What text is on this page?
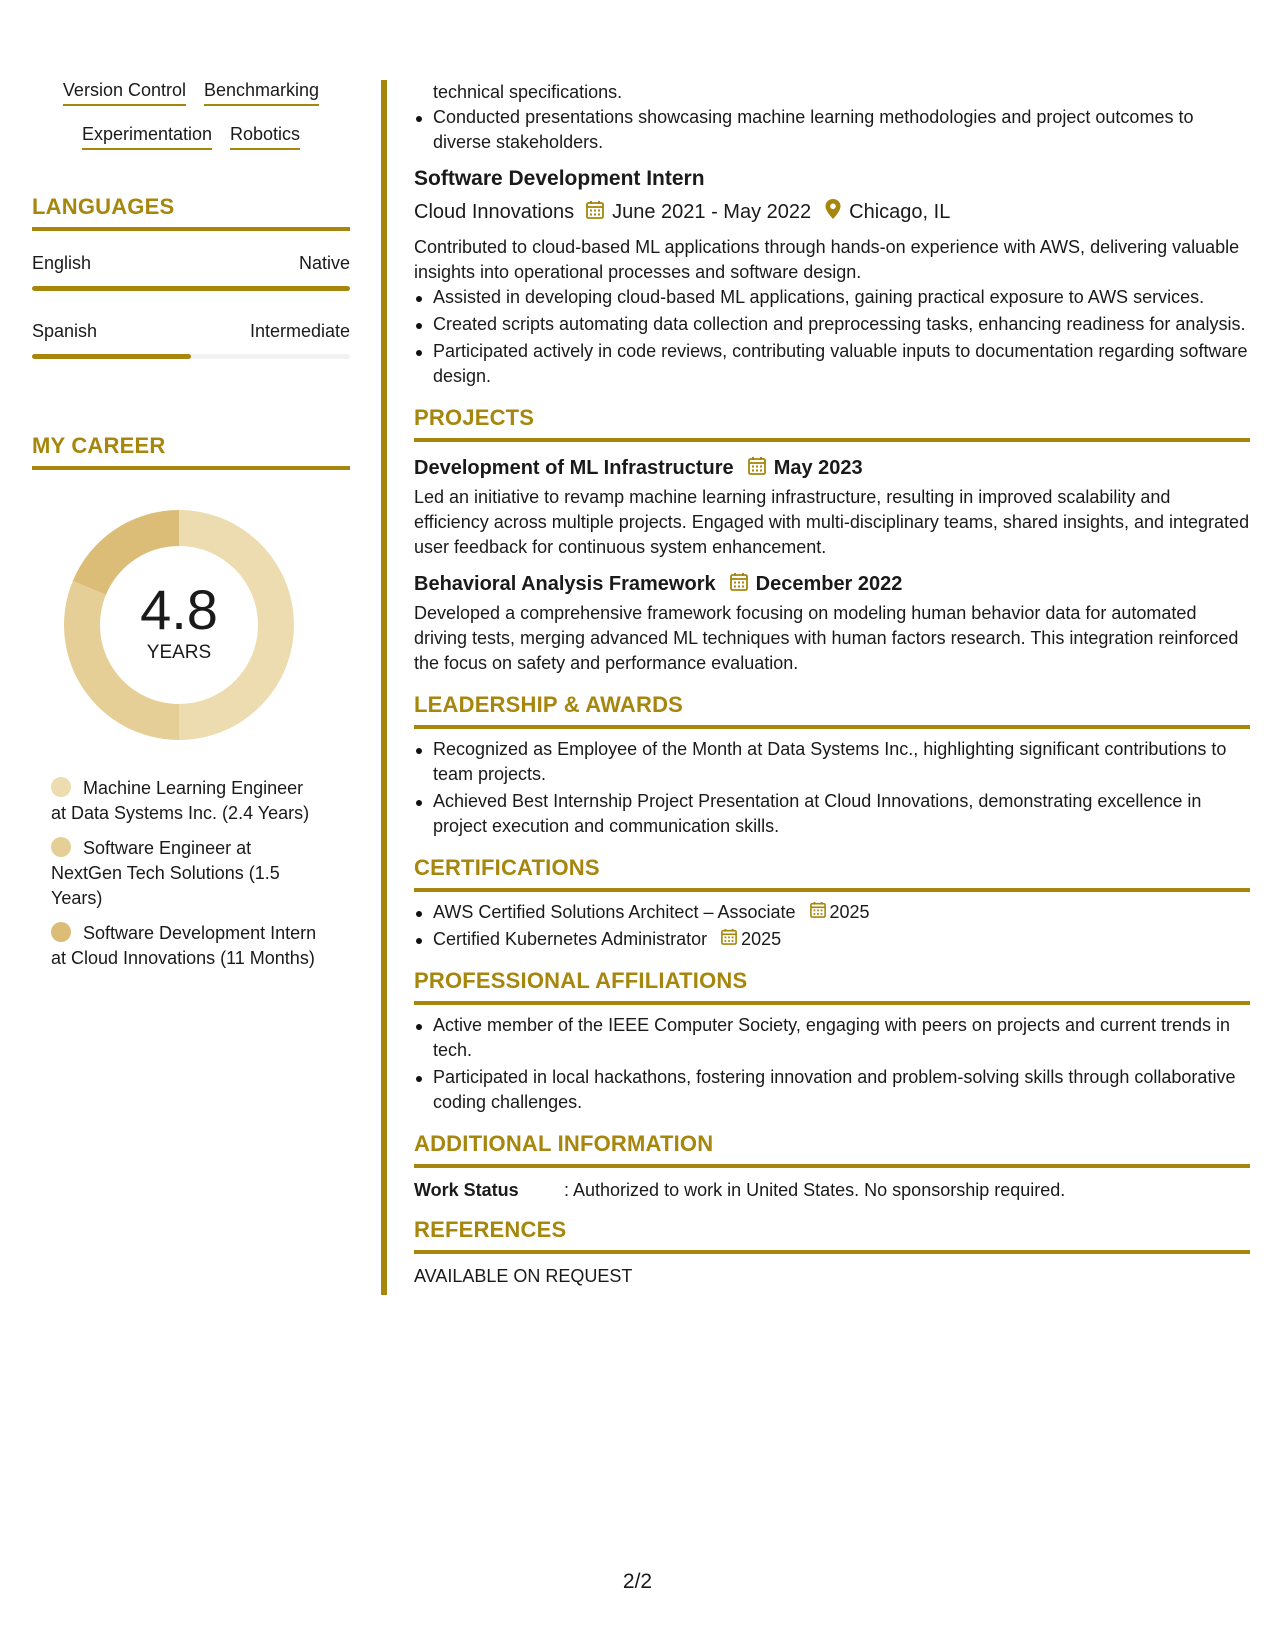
Version Control Benchmarking
Experimentation Robotics
LANGUAGES
English	Native
Spanish	Intermediate
MY CAREER
4.8
YEARS
Machine Learning Engineer at Data Systems Inc. (2.4 Years)
Software Engineer at NextGen Tech Solutions (1.5 Years)
Software Development Intern at Cloud Innovations (11 Months)
technical specifications.
Conducted presentations showcasing machine learning methodologies and project outcomes to diverse stakeholders.
Software Development Intern
Cloud Innovations June 2021 - May 2022 Chicago, IL
Contributed to cloud-based ML applications through hands-on experience with AWS, delivering valuable insights into operational processes and software design.
Assisted in developing cloud-based ML applications, gaining practical exposure to AWS services.
Created scripts automating data collection and preprocessing tasks, enhancing readiness for analysis.
Participated actively in code reviews, contributing valuable inputs to documentation regarding software design.
PROJECTS
Development of ML Infrastructure May 2023
Led an initiative to revamp machine learning infrastructure, resulting in improved scalability and efficiency across multiple projects. Engaged with multi-disciplinary teams, shared insights, and integrated user feedback for continuous system enhancement.
Behavioral Analysis Framework December 2022
Developed a comprehensive framework focusing on modeling human behavior data for automated driving tests, merging advanced ML techniques with human factors research. This integration reinforced the focus on safety and performance evaluation.
LEADERSHIP & AWARDS
Recognized as Employee of the Month at Data Systems Inc., highlighting significant contributions to team projects.
Achieved Best Internship Project Presentation at Cloud Innovations, demonstrating excellence in project execution and communication skills.
CERTIFICATIONS
AWS Certified Solutions Architect – Associate 2025
Certified Kubernetes Administrator 2025
PROFESSIONAL AFFILIATIONS
Active member of the IEEE Computer Society, engaging with peers on projects and current trends in tech.
Participated in local hackathons, fostering innovation and problem-solving skills through collaborative coding challenges.
ADDITIONAL INFORMATION
Work Status	: Authorized to work in United States. No sponsorship required.
REFERENCES
AVAILABLE ON REQUEST
2/2
